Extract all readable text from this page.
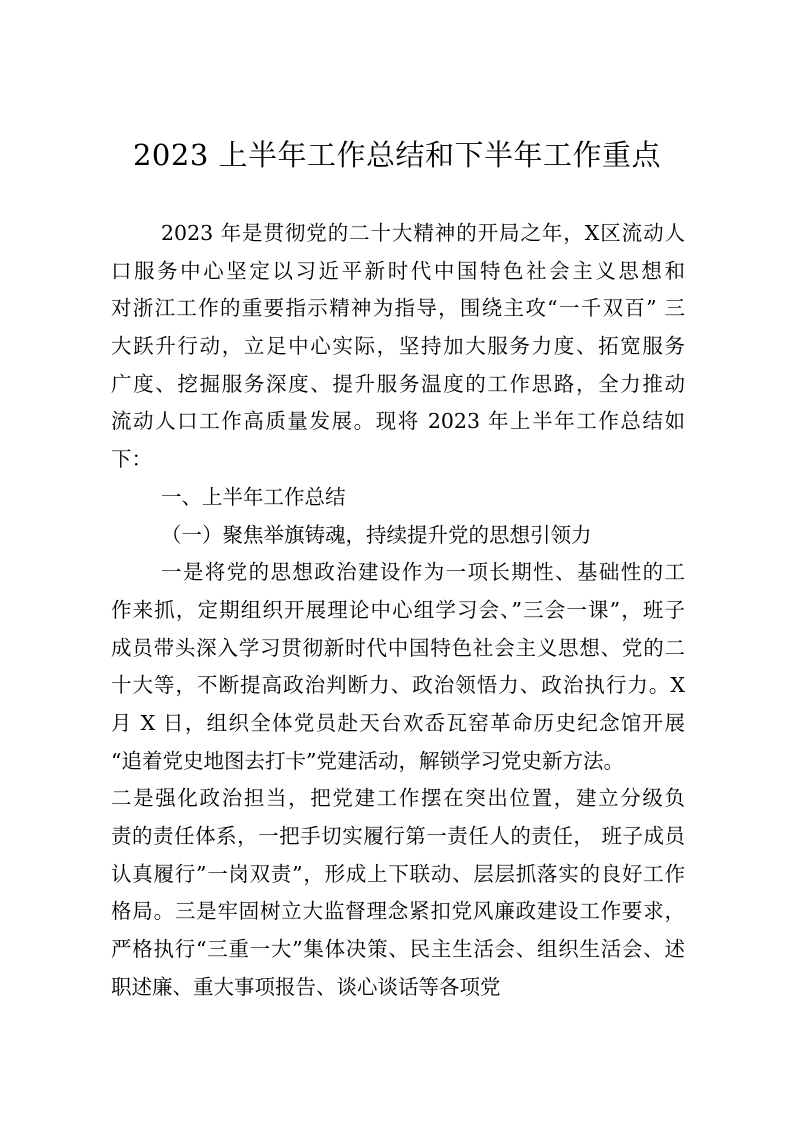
2023 上半年工作总结和下半年工作重点
2023 年是贯彻党的二十大精神的开局之年，X区流动人
口服务中心坚定以习近平新时代中国特色社会主义思想和
对浙江工作的重要指示精神为指导，围绕主攻“一千双百” 三
大跃升行动，立足中心实际，坚持加大服务力度、拓宽服务
广度、挖掘服务深度、提升服务温度的工作思路，全力推动
流动人口工作高质量发展。现将 2023 年上半年工作总结如
下：
一、上半年工作总结
（一）聚焦举旗铸魂，持续提升党的思想引领力
一是将党的思想政治建设作为一项长期性、基础性的工
作来抓，定期组织开展理论中心组学习会、”三会一课”，班子
成员带头深入学习贯彻新时代中国特色社会主义思想、党的二
十大等，不断提高政治判断力、政治领悟力、政治执行力。X
月 X 日，组织全体党员赴天台欢岙瓦窑革命历史纪念馆开展
“追着党史地图去打卡”党建活动，解锁学习党史新方法。
二是强化政治担当，把党建工作摆在突出位置，建立分级负
责的责任体系，一把手切实履行第一责任人的责任， 班子成员
认真履行”一岗双责”，形成上下联动、层层抓落实的良好工作
格局。三是牢固树立大监督理念紧扣党风廉政建设工作要求，
严格执行“三重一大”集体决策、民主生活会、组织生活会、述
职述廉、重大事项报告、谈心谈话等各项党
